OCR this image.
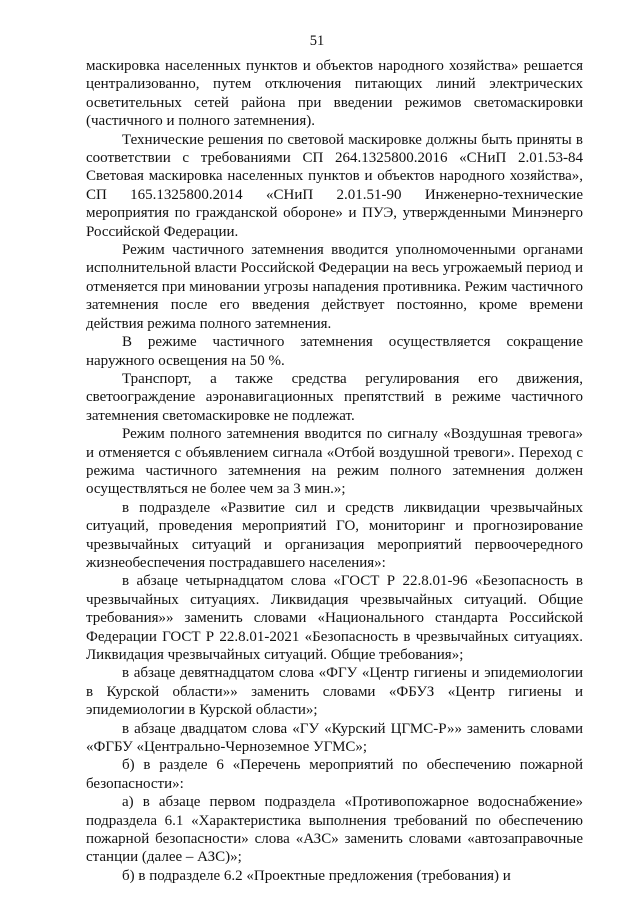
51

маскировка населенных пунктов и объектов народного хозяйства» решается централизованно, путем отключения питающих линий электрических осветительных сетей района при введении режимов светомаскировки (частичного и полного затемнения).

Технические решения по световой маскировке должны быть приняты в соответствии с требованиями СП 264.1325800.2016 «СНиП 2.01.53-84 Световая маскировка населенных пунктов и объектов народного хозяйства», СП 165.1325800.2014 «СНиП 2.01.51-90 Инженерно-технические мероприятия по гражданской обороне» и ПУЭ, утвержденными Минэнерго Российской Федерации.

Режим частичного затемнения вводится уполномоченными органами исполнительной власти Российской Федерации на весь угрожаемый период и отменяется при миновании угрозы нападения противника. Режим частичного затемнения после его введения действует постоянно, кроме времени действия режима полного затемнения.

В режиме частичного затемнения осуществляется сокращение наружного освещения на 50 %.

Транспорт, а также средства регулирования его движения, светоограждение аэронавигационных препятствий в режиме частичного затемнения светомаскировке не подлежат.

Режим полного затемнения вводится по сигналу «Воздушная тревога» и отменяется с объявлением сигнала «Отбой воздушной тревоги». Переход с режима частичного затемнения на режим полного затемнения должен осуществляться не более чем за 3 мин.»;

в подразделе «Развитие сил и средств ликвидации чрезвычайных ситуаций, проведения мероприятий ГО, мониторинг и прогнозирование чрезвычайных ситуаций и организация мероприятий первоочередного жизнеобеспечения пострадавшего населения»:

в абзаце четырнадцатом слова «ГОСТ Р 22.8.01-96 «Безопасность в чрезвычайных ситуациях. Ликвидация чрезвычайных ситуаций. Общие требования»» заменить словами «Национального стандарта Российской Федерации ГОСТ Р 22.8.01-2021 «Безопасность в чрезвычайных ситуациях. Ликвидация чрезвычайных ситуаций. Общие требования»;

в абзаце девятнадцатом слова «ФГУ «Центр гигиены и эпидемиологии в Курской области»» заменить словами «ФБУЗ «Центр гигиены и эпидемиологии в Курской области»;

в абзаце двадцатом слова «ГУ «Курский ЦГМС-Р»» заменить словами «ФГБУ «Центрально-Черноземное УГМС»;

б) в разделе 6 «Перечень мероприятий по обеспечению пожарной безопасности»:

а) в абзаце первом подраздела «Противопожарное водоснабжение» подраздела 6.1 «Характеристика выполнения требований по обеспечению пожарной безопасности» слова «АЗС» заменить словами «автозаправочные станции (далее – АЗС)»;

б) в подразделе 6.2 «Проектные предложения (требования) и
